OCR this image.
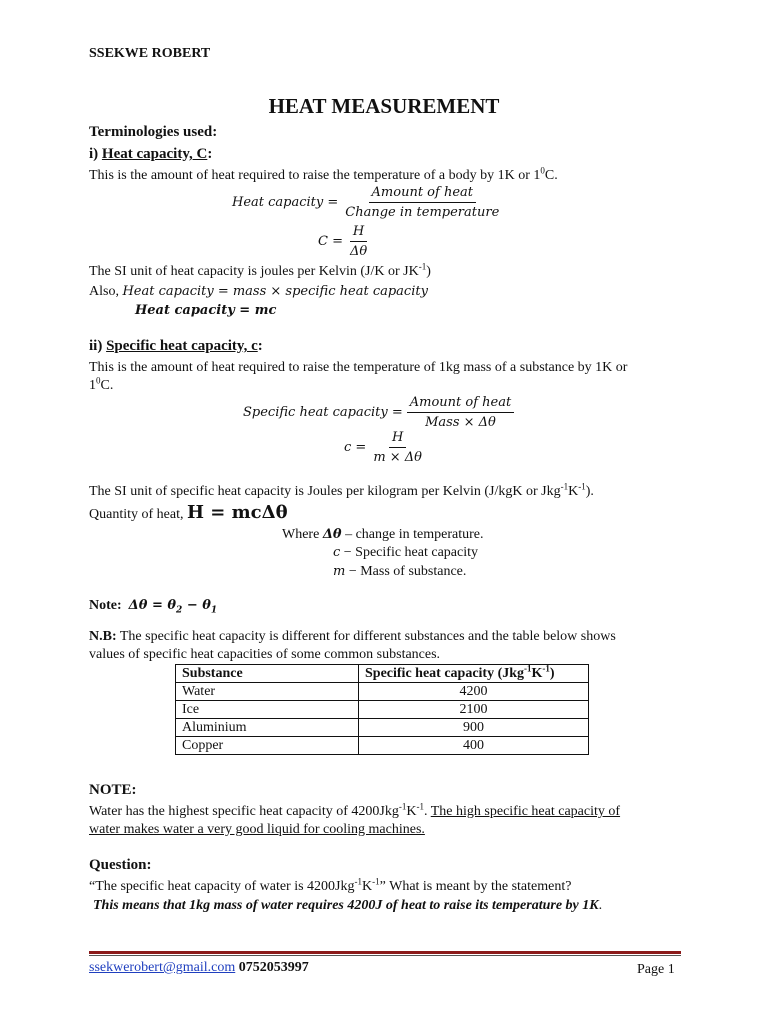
SSEKWE ROBERT
HEAT MEASUREMENT
Terminologies used:
i) Heat capacity, C:
This is the amount of heat required to raise the temperature of a body by 1K or $1^0C$.
Heat capacity = $\frac{\text{Amount of heat}}{\text{Change in temperature}}$
$C = \frac{H}{\Delta\theta}$
The SI unit of heat capacity is joules per Kelvin (J/K or $JK^{-1}$)
Also, Heat capacity = mass × specific heat capacity
Heat capacity = mc
ii) Specific heat capacity, c:
This is the amount of heat required to raise the temperature of 1kg mass of a substance by 1K or
$1^0C$.
Specific heat capacity = $\frac{\text{Amount of heat}}{\text{Mass × Δθ}}$
$c = \frac{H}{m \times \Delta\theta}$
The SI unit of specific heat capacity is Joules per kilogram per Kelvin (J/kgK or $Jkg^{-1}K^{-1}$).
Quantity of heat, H = mcΔθ
Where Δθ – change in temperature.
c − Specific heat capacity
m − Mass of substance.
Note: $\Delta\theta = \theta_2 - \theta_1$
N.B: The specific heat capacity is different for different substances and the table below shows
values of specific heat capacities of some common substances.
Substance	Specific heat capacity $(Jkg^{-1}K^{-1})$
Water	4200
Ice	2100
Aluminium	900
Copper	400
NOTE:
Water has the highest specific heat capacity of $4200Jkg^{-1}K^{-1}$. The high specific heat capacity of
water makes water a very good liquid for cooling machines.
Question:
“The specific heat capacity of water is $4200Jkg^{-1}K^{-1}$” What is meant by the statement?
This means that 1kg mass of water requires 4200J of heat to raise its temperature by 1K.
ssekwerobert@gmail.com 0752053997	Page 1
